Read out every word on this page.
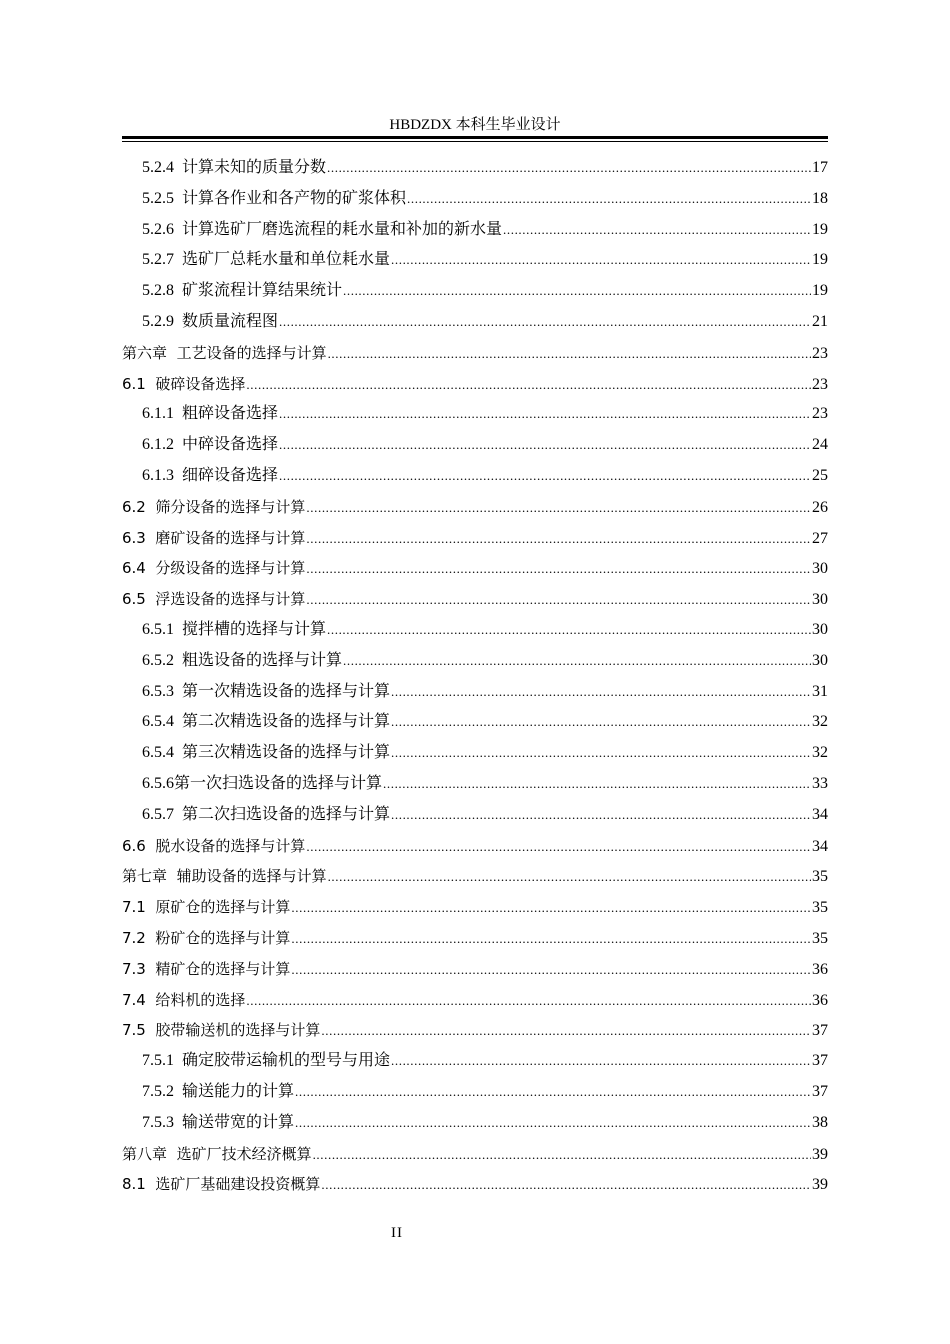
HBDZDX 本科生毕业设计
5.2.4 计算未知的质量分数 .....	17
5.2.5 计算各作业和各产物的矿浆体积 .....	18
5.2.6 计算选矿厂磨选流程的耗水量和补加的新水量 .....	19
5.2.7 选矿厂总耗水量和单位耗水量 .....	19
5.2.8 矿浆流程计算结果统计 .....	19
5.2.9 数质量流程图 .....	21
第六章 工艺设备的选择与计算 .....	23
6.1 破碎设备选择 .....	23
6.1.1 粗碎设备选择 .....	23
6.1.2 中碎设备选择 .....	24
6.1.3 细碎设备选择 .....	25
6.2 筛分设备的选择与计算 .....	26
6.3 磨矿设备的选择与计算 .....	27
6.4 分级设备的选择与计算 .....	30
6.5 浮选设备的选择与计算 .....	30
6.5.1 搅拌槽的选择与计算 .....	30
6.5.2 粗选设备的选择与计算 .....	30
6.5.3 第一次精选设备的选择与计算 .....	31
6.5.4 第二次精选设备的选择与计算 .....	32
6.5.4 第三次精选设备的选择与计算 .....	32
6.5.6第一次扫选设备的选择与计算 .....	33
6.5.7 第二次扫选设备的选择与计算 .....	34
6.6 脱水设备的选择与计算 .....	34
第七章 辅助设备的选择与计算 .....	35
7.1 原矿仓的选择与计算 .....	35
7.2 粉矿仓的选择与计算 .....	35
7.3 精矿仓的选择与计算 .....	36
7.4 给料机的选择 .....	36
7.5 胶带输送机的选择与计算 .....	37
7.5.1 确定胶带运输机的型号与用途 .....	37
7.5.2 输送能力的计算 .....	37
7.5.3 输送带宽的计算 .....	38
第八章 选矿厂技术经济概算 .....	39
8.1 选矿厂基础建设投资概算 .....	39
II
